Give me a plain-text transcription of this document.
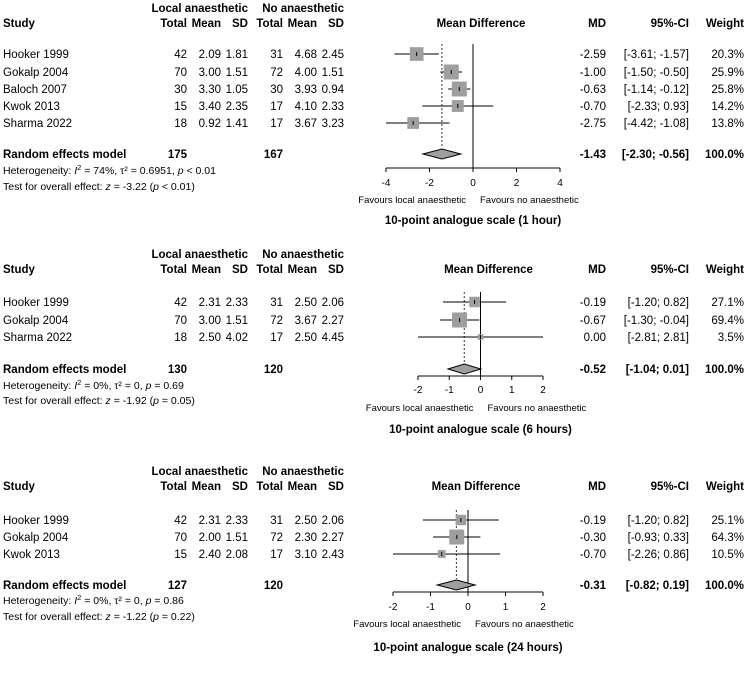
Local anaesthetic No anaesthetic
Study	Total Mean SD Total Mean SD	Mean Difference	MD	95%-CI Weight
Hooker 1999	42 2.09 1.81 31 4.68 2.45	-2.59 [-3.61; -1.57] 20.3%
Gokalp 2004	70 3.00 1.51 72 4.00 1.51	-1.00 [-1.50; -0.50] 25.9%
Baloch 2007	30 3.30 1.05 30 3.93 0.94	-0.63 [-1.14; -0.12] 25.8%
Kwok 2013	15 3.40 2.35 17 4.10 2.33	-0.70 [-2.33; 0.93] 14.2%
Sharma 2022	18 0.92 1.41 17 3.67 3.23	-2.75 [-4.42; -1.08] 13.8%
Random effects model	175	167	-1.43 [-2.30; -0.56] 100.0%
Heterogeneity: $I^2 = 74\%$, τ² = 0.6951, p < 0.01
Test for overall effect: z = -3.22 (p < 0.01)	-4	-2	0	2	4
Favours local anaesthetic Favours no anaesthetic
10-point analogue scale (1 hour)
Local anaesthetic No anaesthetic
Study	Total Mean SD Total Mean SD	Mean Difference	MD	95%-CI Weight
Hooker 1999	42 2.31 2.33 31 2.50 2.06	-0.19 [-1.20; 0.82] 27.1%
Gokalp 2004	70 3.00 1.51 72 3.67 2.27	-0.67 [-1.30; -0.04] 69.4%
Sharma 2022	18 2.50 4.02 17 2.50 4.45	0.00 [-2.81; 2.81]	3.5%
Random effects model	130	120	-0.52 [-1.04; 0.01] 100.0%
Heterogeneity: $I^2 = 0\%$, τ² = 0, p = 0.69
Test for overall effect: z = -1.92 (p = 0.05)
-2 -1 0	1	2
Favours local anaesthetic Favours no anaesthetic
10-point analogue scale (6 hours)
Local anaesthetic No anaesthetic
Study	Total Mean SD Total Mean SD	Mean Difference	MD	95%-CI Weight
Hooker 1999	42 2.31 2.33 31 2.50 2.06	-0.19 [-1.20; 0.82] 25.1%
Gokalp 2004	70 2.00 1.51 72 2.30 2.27	-0.30 [-0.93; 0.33] 64.3%
Kwok 2013	15 2.40 2.08 17 3.10 2.43	-0.70 [-2.26; 0.86] 10.5%
Random effects model	127	120	-0.31 [-0.82; 0.19] 100.0%
Heterogeneity: $I^2 = 0\%$, τ² = 0, p = 0.86
Test for overall effect: z = -1.22 (p = 0.22)
-2	-1	0	1	2
Favours local anaesthetic Favours no anaesthetic
10-point analogue scale (24 hours)
